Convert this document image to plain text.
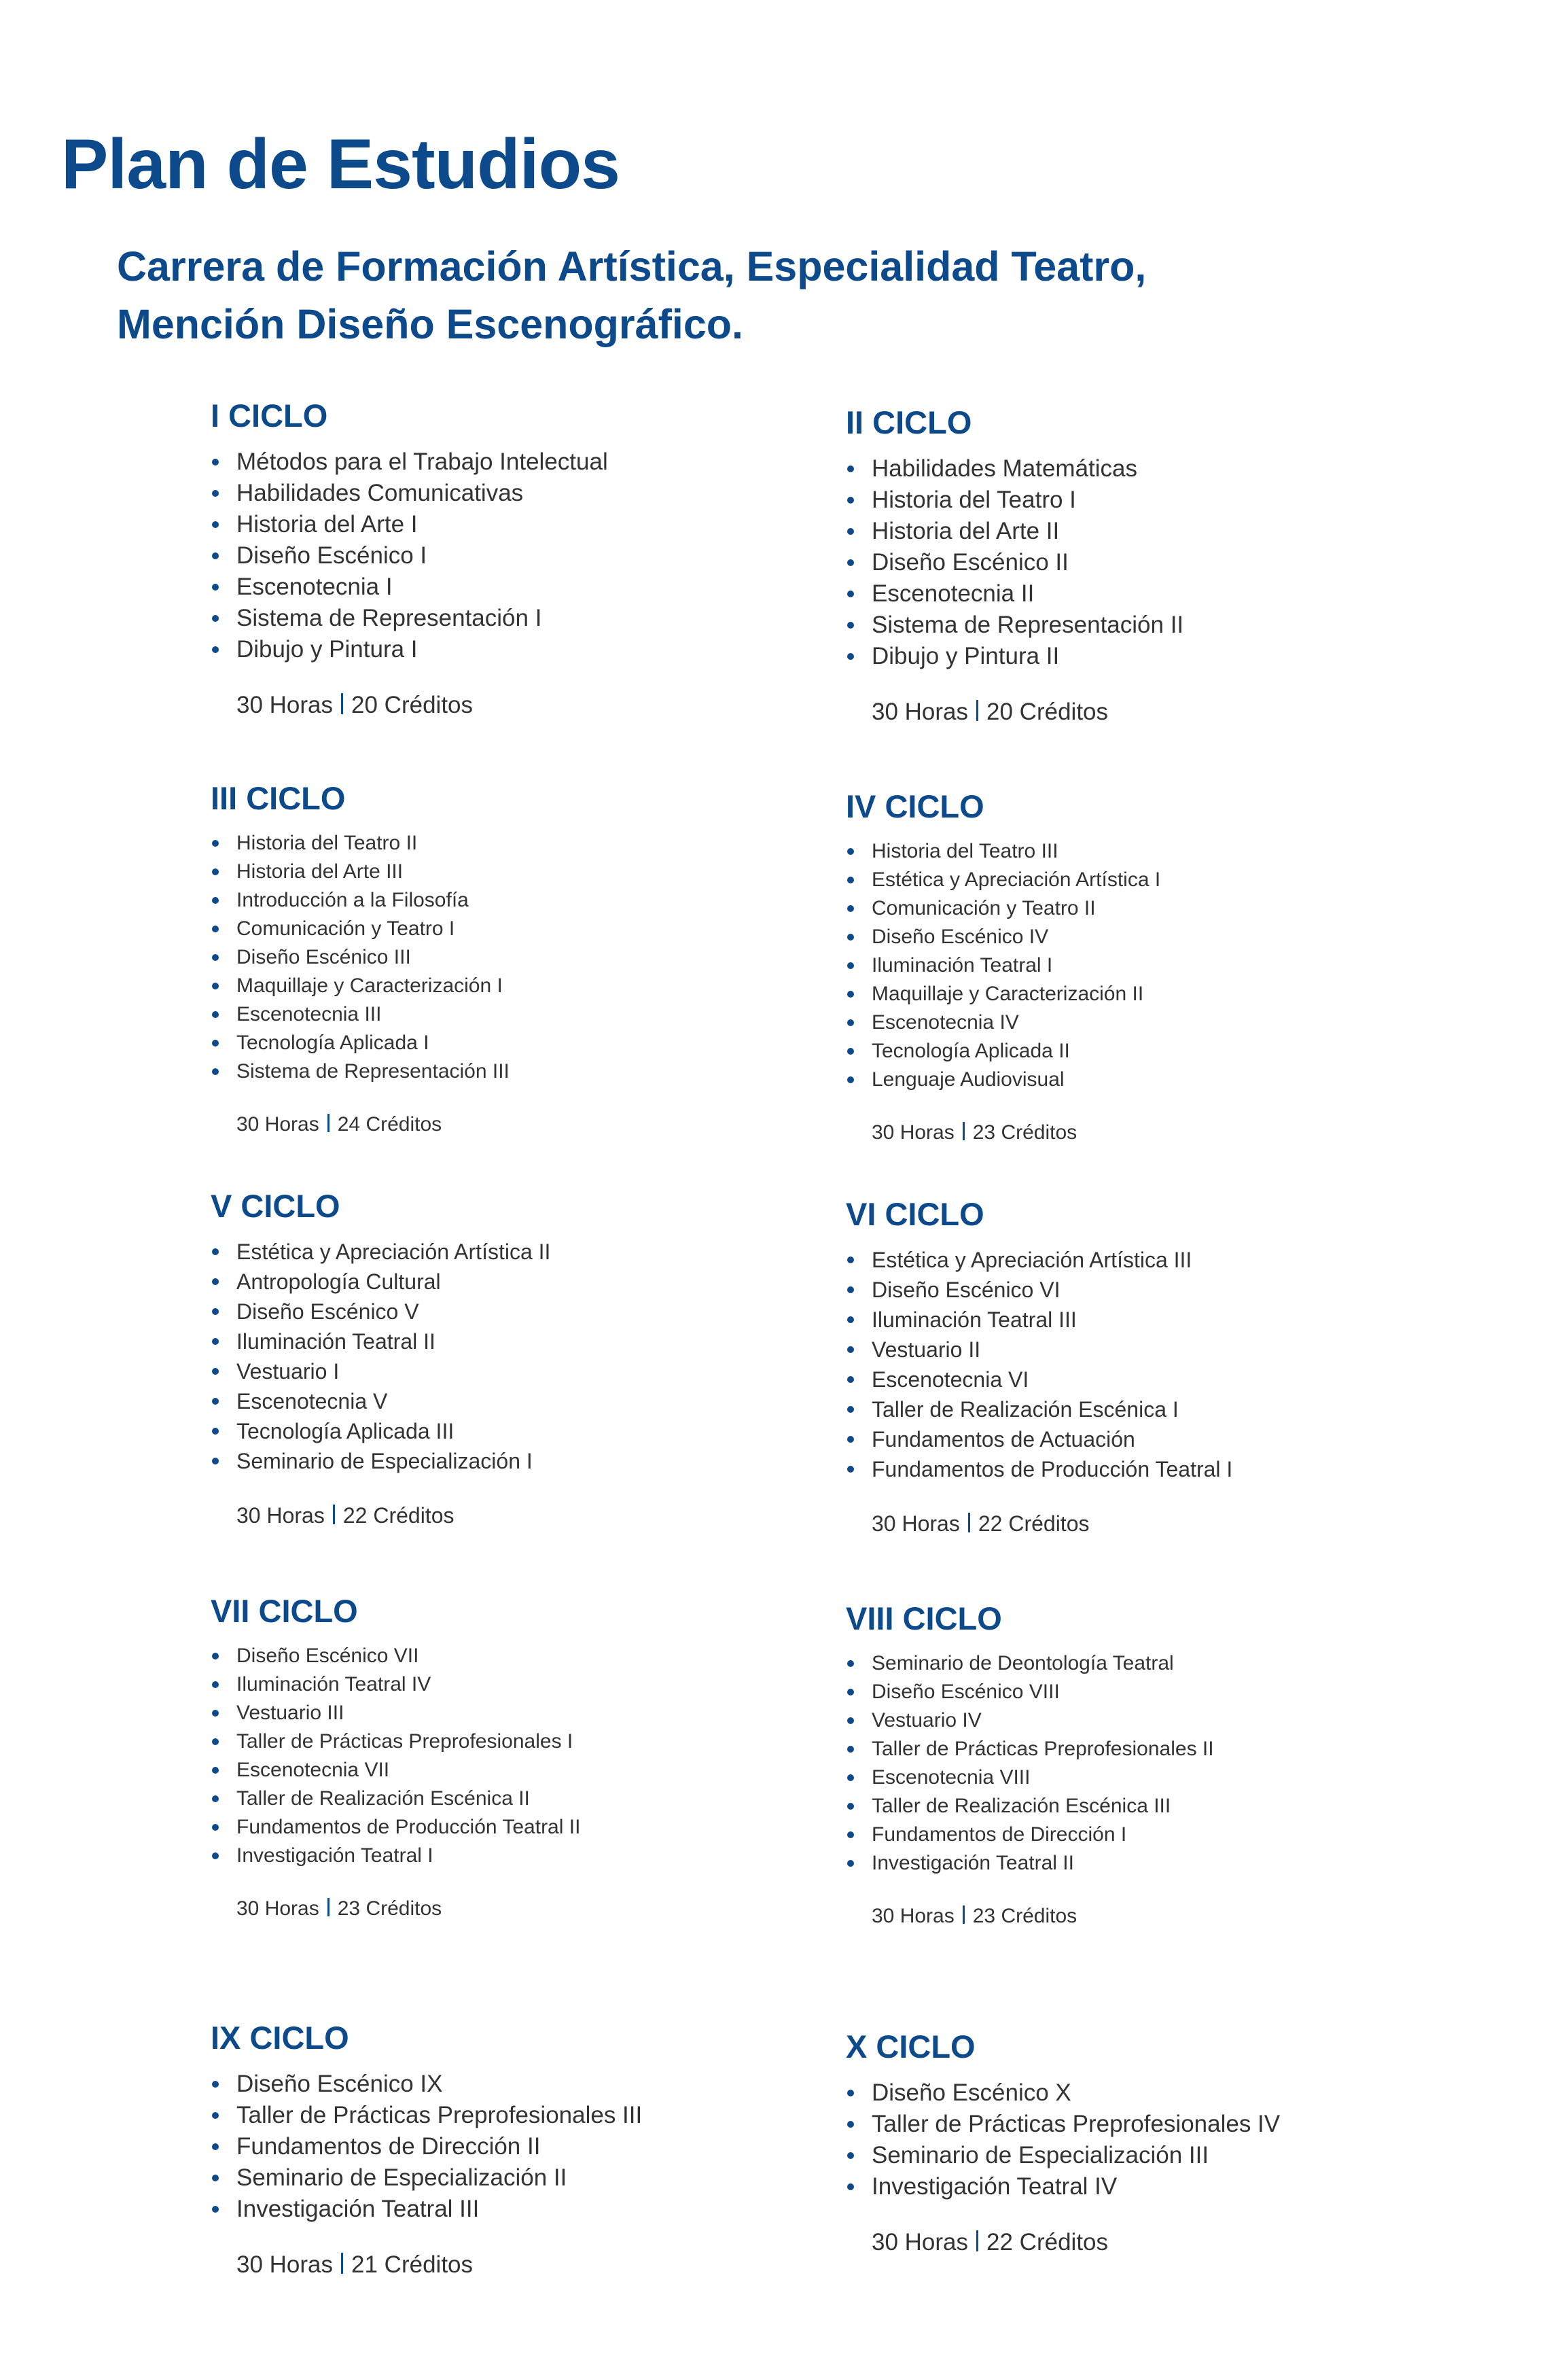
Plan de Estudios
Carrera de Formación Artística, Especialidad Teatro,
Mención Diseño Escenográfico.
I CICLO
Métodos para el Trabajo Intelectual
Habilidades Comunicativas
Historia del Arte I
Diseño Escénico I
Escenotecnia I
Sistema de Representación I
Dibujo y Pintura I
30 Horas 20 Créditos
II CICLO
Habilidades Matemáticas
Historia del Teatro I
Historia del Arte II
Diseño Escénico II
Escenotecnia II
Sistema de Representación II
Dibujo y Pintura II
30 Horas 20 Créditos
III CICLO
Historia del Teatro II
Historia del Arte III
Introducción a la Filosofía
Comunicación y Teatro I
Diseño Escénico III
Maquillaje y Caracterización I
Escenotecnia III
Tecnología Aplicada I
Sistema de Representación III
30 Horas 24 Créditos
IV CICLO
Historia del Teatro III
Estética y Apreciación Artística I
Comunicación y Teatro II
Diseño Escénico IV
Iluminación Teatral I
Maquillaje y Caracterización II
Escenotecnia IV
Tecnología Aplicada II
Lenguaje Audiovisual
30 Horas 23 Créditos
V CICLO
Estética y Apreciación Artística II
Antropología Cultural
Diseño Escénico V
Iluminación Teatral II
Vestuario I
Escenotecnia V
Tecnología Aplicada III
Seminario de Especialización I
30 Horas 22 Créditos
VI CICLO
Estética y Apreciación Artística III
Diseño Escénico VI
Iluminación Teatral III
Vestuario II
Escenotecnia VI
Taller de Realización Escénica I
Fundamentos de Actuación
Fundamentos de Producción Teatral I
30 Horas 22 Créditos
VII CICLO
Diseño Escénico VII
Iluminación Teatral IV
Vestuario III
Taller de Prácticas Preprofesionales I
Escenotecnia VII
Taller de Realización Escénica II
Fundamentos de Producción Teatral II
Investigación Teatral I
30 Horas 23 Créditos
VIII CICLO
Seminario de Deontología Teatral
Diseño Escénico VIII
Vestuario IV
Taller de Prácticas Preprofesionales II
Escenotecnia VIII
Taller de Realización Escénica III
Fundamentos de Dirección I
Investigación Teatral II
30 Horas 23 Créditos
IX CICLO
Diseño Escénico IX
Taller de Prácticas Preprofesionales III
Fundamentos de Dirección II
Seminario de Especialización II
Investigación Teatral III
30 Horas 21 Créditos
X CICLO
Diseño Escénico X
Taller de Prácticas Preprofesionales IV
Seminario de Especialización III
Investigación Teatral IV
30 Horas 22 Créditos
